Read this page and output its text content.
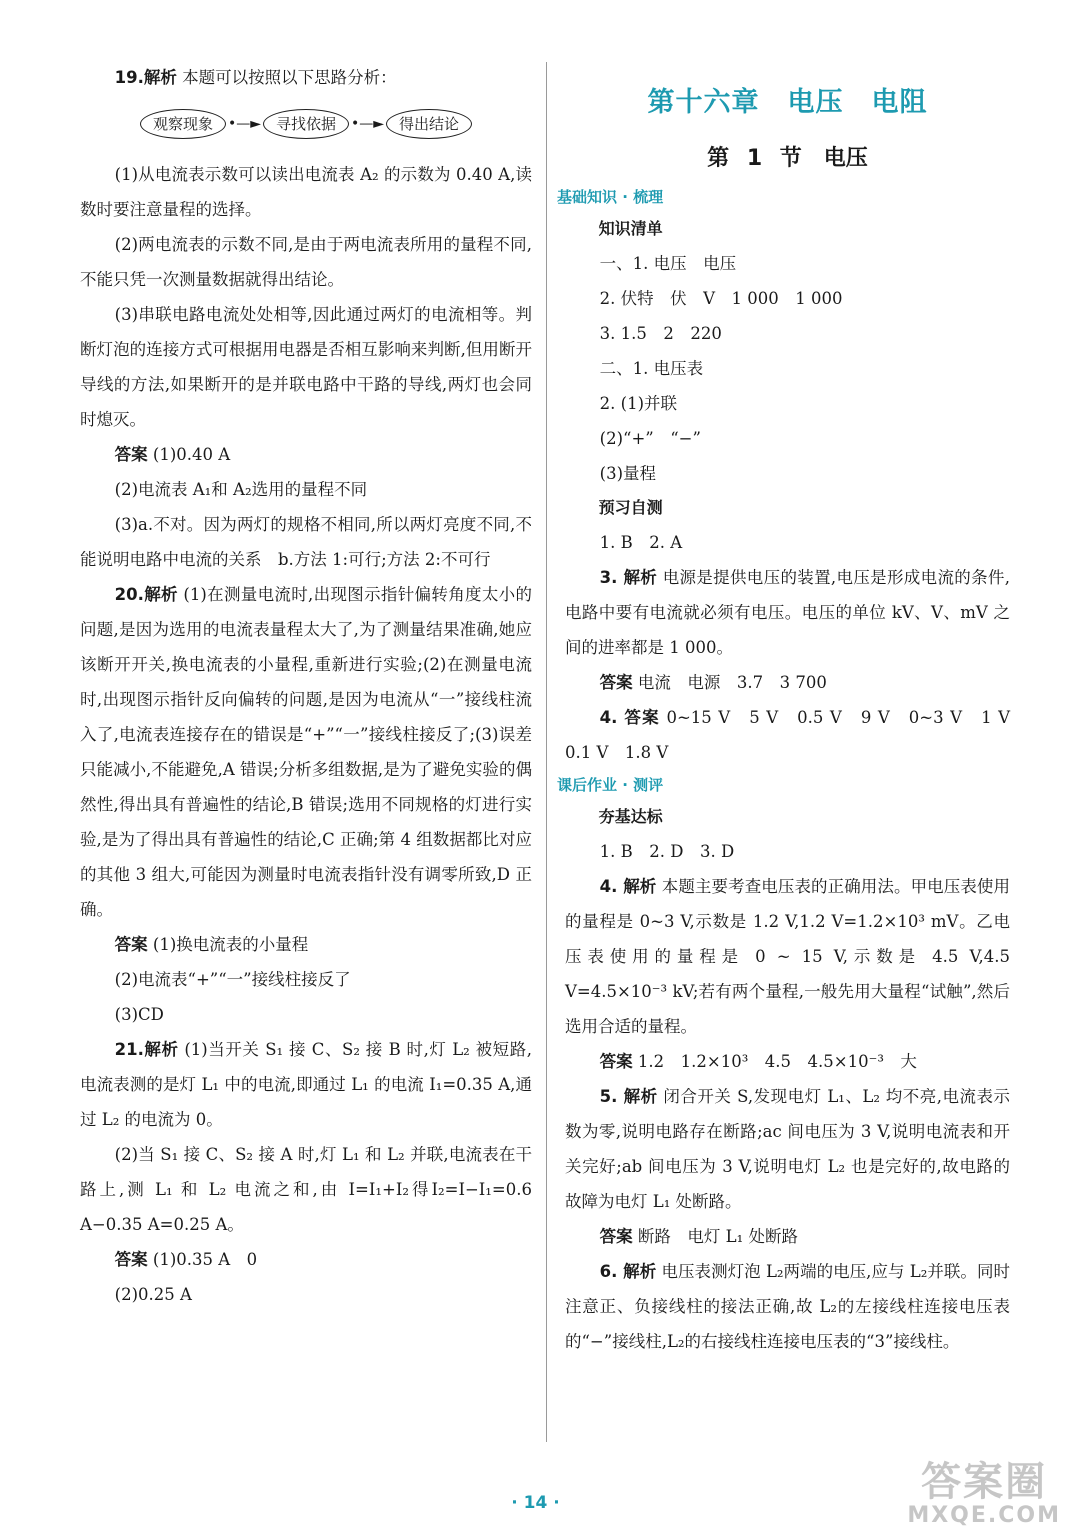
19.解析 本题可以按照以下思路分析：

观察现象	•—►	寻找依据	•—►	得出结论

(1)从电流表示数可以读出电流表 A₂ 的示数为 0.40 A,读数时要注意量程的选择。

(2)两电流表的示数不同,是由于两电流表所用的量程不同,不能只凭一次测量数据就得出结论。

(3)串联电路电流处处相等,因此通过两灯的电流相等。判断灯泡的连接方式可根据用电器是否相互影响来判断,但用断开导线的方法,如果断开的是并联电路中干路的导线,两灯也会同时熄灭。

答案 (1)0.40 A

(2)电流表 A₁和 A₂选用的量程不同

(3)a.不对。因为两灯的规格不相同,所以两灯亮度不同,不能说明电路中电流的关系　b.方法 1:可行;方法 2:不可行

20.解析 (1)在测量电流时,出现图示指针偏转角度太小的问题,是因为选用的电流表量程太大了,为了测量结果准确,她应该断开开关,换电流表的小量程,重新进行实验;(2)在测量电流时,出现图示指针反向偏转的问题,是因为电流从“一”接线柱流入了,电流表连接存在的错误是“+”“一”接线柱接反了;(3)误差只能减小,不能避免,A 错误;分析多组数据,是为了避免实验的偶然性,得出具有普遍性的结论,B 错误;选用不同规格的灯进行实验,是为了得出具有普遍性的结论,C 正确;第 4 组数据都比对应的其他 3 组大,可能因为测量时电流表指针没有调零所致,D 正确。

答案 (1)换电流表的小量程

(2)电流表“+”“一”接线柱接反了

(3)CD

21.解析 (1)当开关 S₁ 接 C、S₂ 接 B 时,灯 L₂ 被短路,电流表测的是灯 L₁ 中的电流,即通过 L₁ 的电流 I₁=0.35 A,通过 L₂ 的电流为 0。

(2)当 S₁ 接 C、S₂ 接 A 时,灯 L₁ 和 L₂ 并联,电流表在干路上,测 L₁ 和 L₂ 电流之和,由 I=I₁+I₂得I₂=I−I₁=0.6 A−0.35 A=0.25 A。

答案 (1)0.35 A　0

(2)0.25 A

第十六章　电压　电阻
第 1 节　电压
基础知识 · 梳理
知识清单

一、1. 电压　电压

2. 伏特　伏　V　1 000　1 000

3. 1.5　2　220

二、1. 电压表

2. (1)并联

(2)“+”　“−”

(3)量程

预习自测

1. B　2. A

3. 解析 电源是提供电压的装置,电压是形成电流的条件,电路中要有电流就必须有电压。电压的单位 kV、V、mV 之间的进率都是 1 000。

答案 电流　电源　3.7　3 700

4. 答案 0~15 V　5 V　0.5 V　9 V　0~3 V　1 V　0.1 V　1.8 V

课后作业 · 测评
夯基达标

1. B　2. D　3. D

4. 解析 本题主要考查电压表的正确用法。甲电压表使用的量程是 0~3 V,示数是 1.2 V,1.2 V=1.2×10³ mV。乙电压表使用的量程是 0 ~ 15 V,示数是 4.5 V,4.5 V=4.5×10⁻³ kV;若有两个量程,一般先用大量程“试触”,然后选用合适的量程。

答案 1.2　1.2×10³　4.5　4.5×10⁻³　大

5. 解析 闭合开关 S,发现电灯 L₁、L₂ 均不亮,电流表示数为零,说明电路存在断路;ac 间电压为 3 V,说明电流表和开关完好;ab 间电压为 3 V,说明电灯 L₂ 也是完好的,故电路的故障为电灯 L₁ 处断路。

答案 断路　电灯 L₁ 处断路

6. 解析 电压表测灯泡 L₂两端的电压,应与 L₂并联。同时注意正、负接线柱的接法正确,故 L₂的左接线柱连接电压表的“−”接线柱,L₂的右接线柱连接电压表的“3”接线柱。

· 14 ·	答案圈
MXQE.COM
